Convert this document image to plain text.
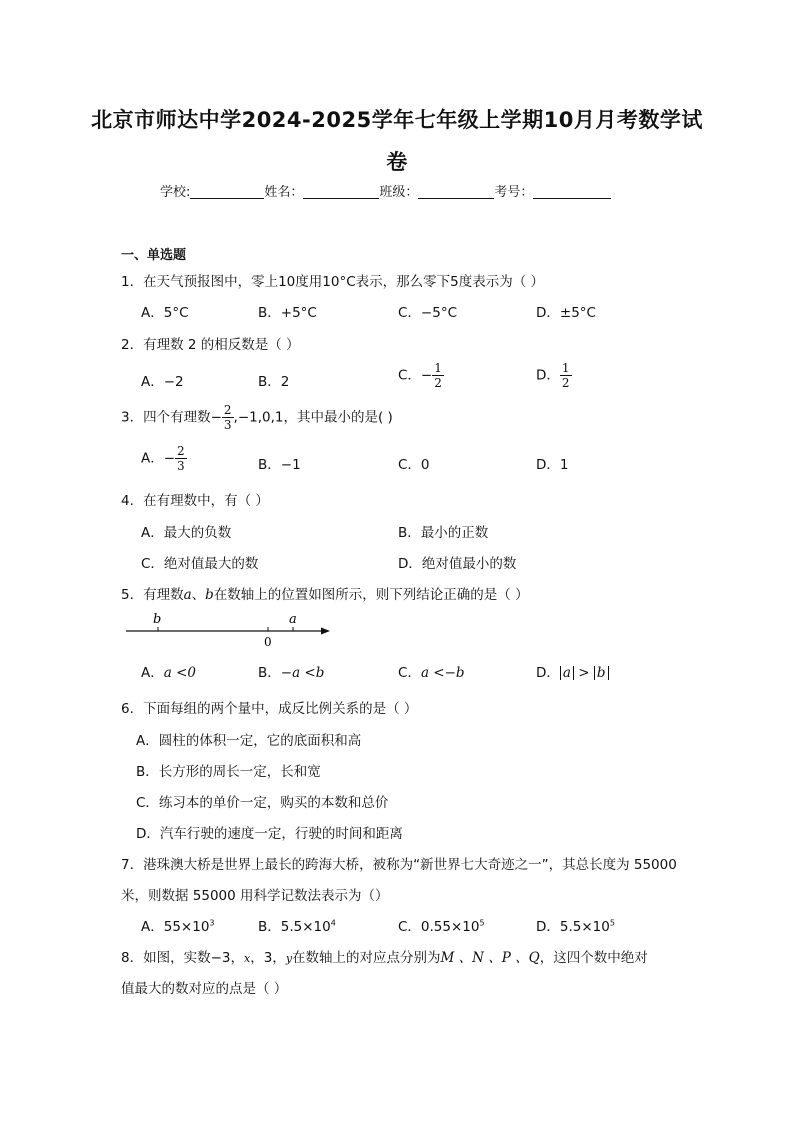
北京市师达中学2024-2025学年七年级上学期10月月考数学试
卷
学校:	姓名：	班级：	考号：
一、单选题
1．在天气预报图中，零上10度用10°C表示，那么零下5度表示为（ ）
A．5°C	B．+5°C	C．−5°C	D．±5°C
2．有理数 2 的相反数是（ ）
A．−2	B．2	C．− $\frac{1}{2}$	D． $\frac{1}{2}$
3．四个有理数− $\frac{2}{3} ,-1,0,1$，其中最小的是( )
A．− $\frac{2}{3}$	B．−1	C．0	D．1
4．在有理数中，有（ ）
A．最大的负数	B．最小的正数
C．绝对值最大的数	D．绝对值最小的数
5．有理数a、b在数轴上的位置如图所示，则下列结论正确的是（ ）
b
0
a
A．a <0	B．−a <b	C．a <−b	D． a > b
6．下面每组的两个量中，成反比例关系的是（ ）
A．圆柱的体积一定，它的底面积和高
B．长方形的周长一定，长和宽
C．练习本的单价一定，购买的本数和总价
D．汽车行驶的速度一定，行驶的时间和距离
7．港珠澳大桥是世界上最长的跨海大桥，被称为“新世界七大奇迹之一”，其总长度为 55000
米，则数据 55000 用科学记数法表示为（）
A．$55\times 10^3$	B．$5.5\times 10^4$	C．$0.55\times 10^5$	D．$5.5\times 10^5$
8．如图，实数−3，x，3，y在数轴上的对应点分别为M 、N 、P 、Q，这四个数中绝对
值最大的数对应的点是（ ）
